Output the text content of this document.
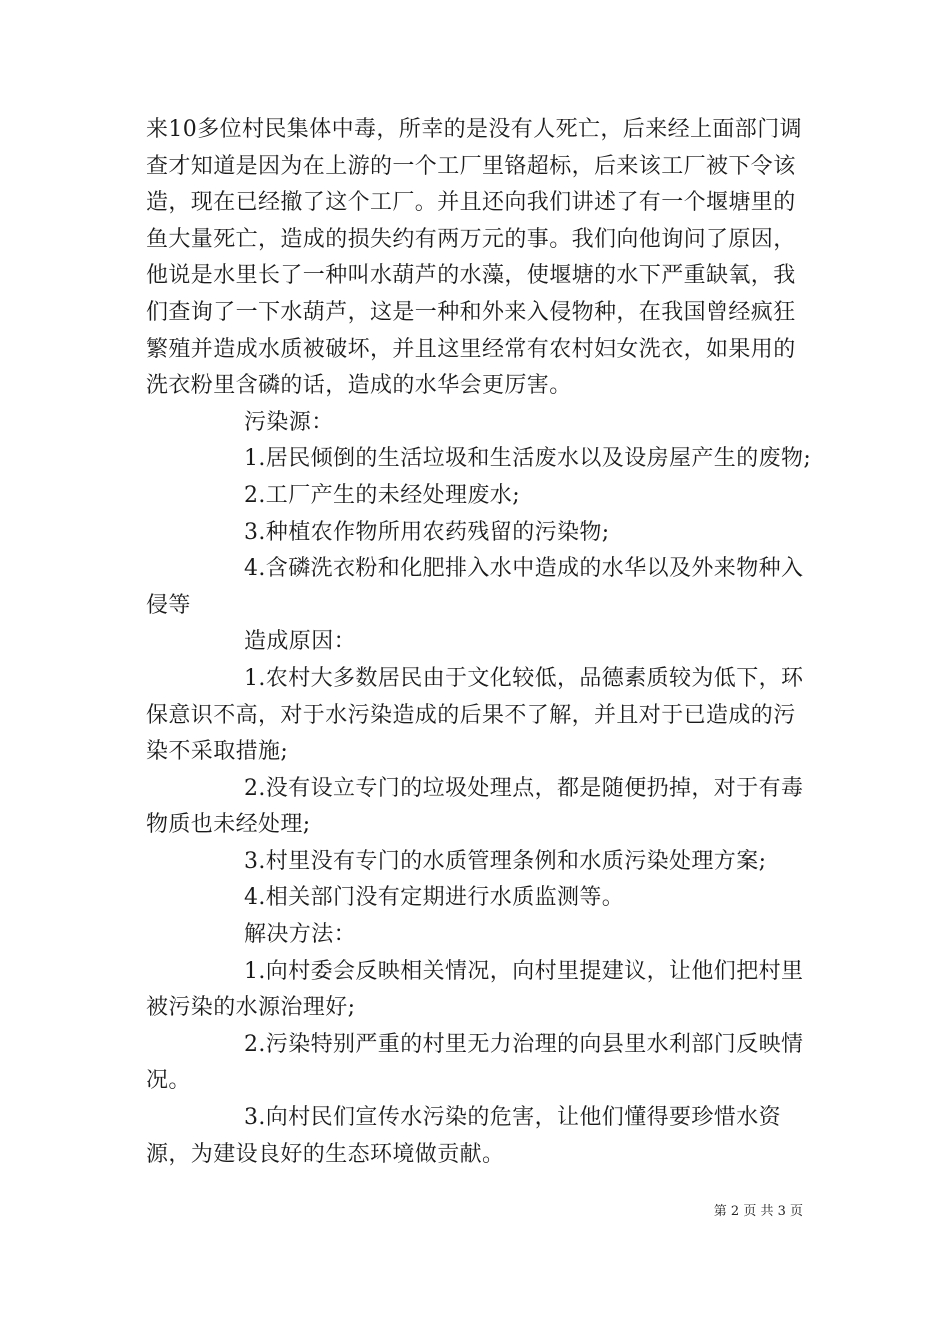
来10多位村民集体中毒，所幸的是没有人死亡，后来经上面部门调查才知道是因为在上游的一个工厂里铬超标，后来该工厂被下令该造，现在已经撤了这个工厂。并且还向我们讲述了有一个堰塘里的鱼大量死亡，造成的损失约有两万元的事。我们向他询问了原因，他说是水里长了一种叫水葫芦的水藻，使堰塘的水下严重缺氧，我们查询了一下水葫芦，这是一种和外来入侵物种，在我国曾经疯狂繁殖并造成水质被破坏，并且这里经常有农村妇女洗衣，如果用的洗衣粉里含磷的话，造成的水华会更厉害。

污染源：

1.居民倾倒的生活垃圾和生活废水以及设房屋产生的废物;

2.工厂产生的未经处理废水;

3.种植农作物所用农药残留的污染物;

4.含磷洗衣粉和化肥排入水中造成的水华以及外来物种入侵等

造成原因：

1.农村大多数居民由于文化较低，品德素质较为低下，环保意识不高，对于水污染造成的后果不了解，并且对于已造成的污染不采取措施;

2.没有设立专门的垃圾处理点，都是随便扔掉，对于有毒物质也未经处理;

3.村里没有专门的水质管理条例和水质污染处理方案;

4.相关部门没有定期进行水质监测等。

解决方法：

1.向村委会反映相关情况，向村里提建议，让他们把村里被污染的水源治理好;

2.污染特别严重的村里无力治理的向县里水利部门反映情况。

3.向村民们宣传水污染的危害，让他们懂得要珍惜水资源，为建设良好的生态环境做贡献。

第 2 页 共 3 页
